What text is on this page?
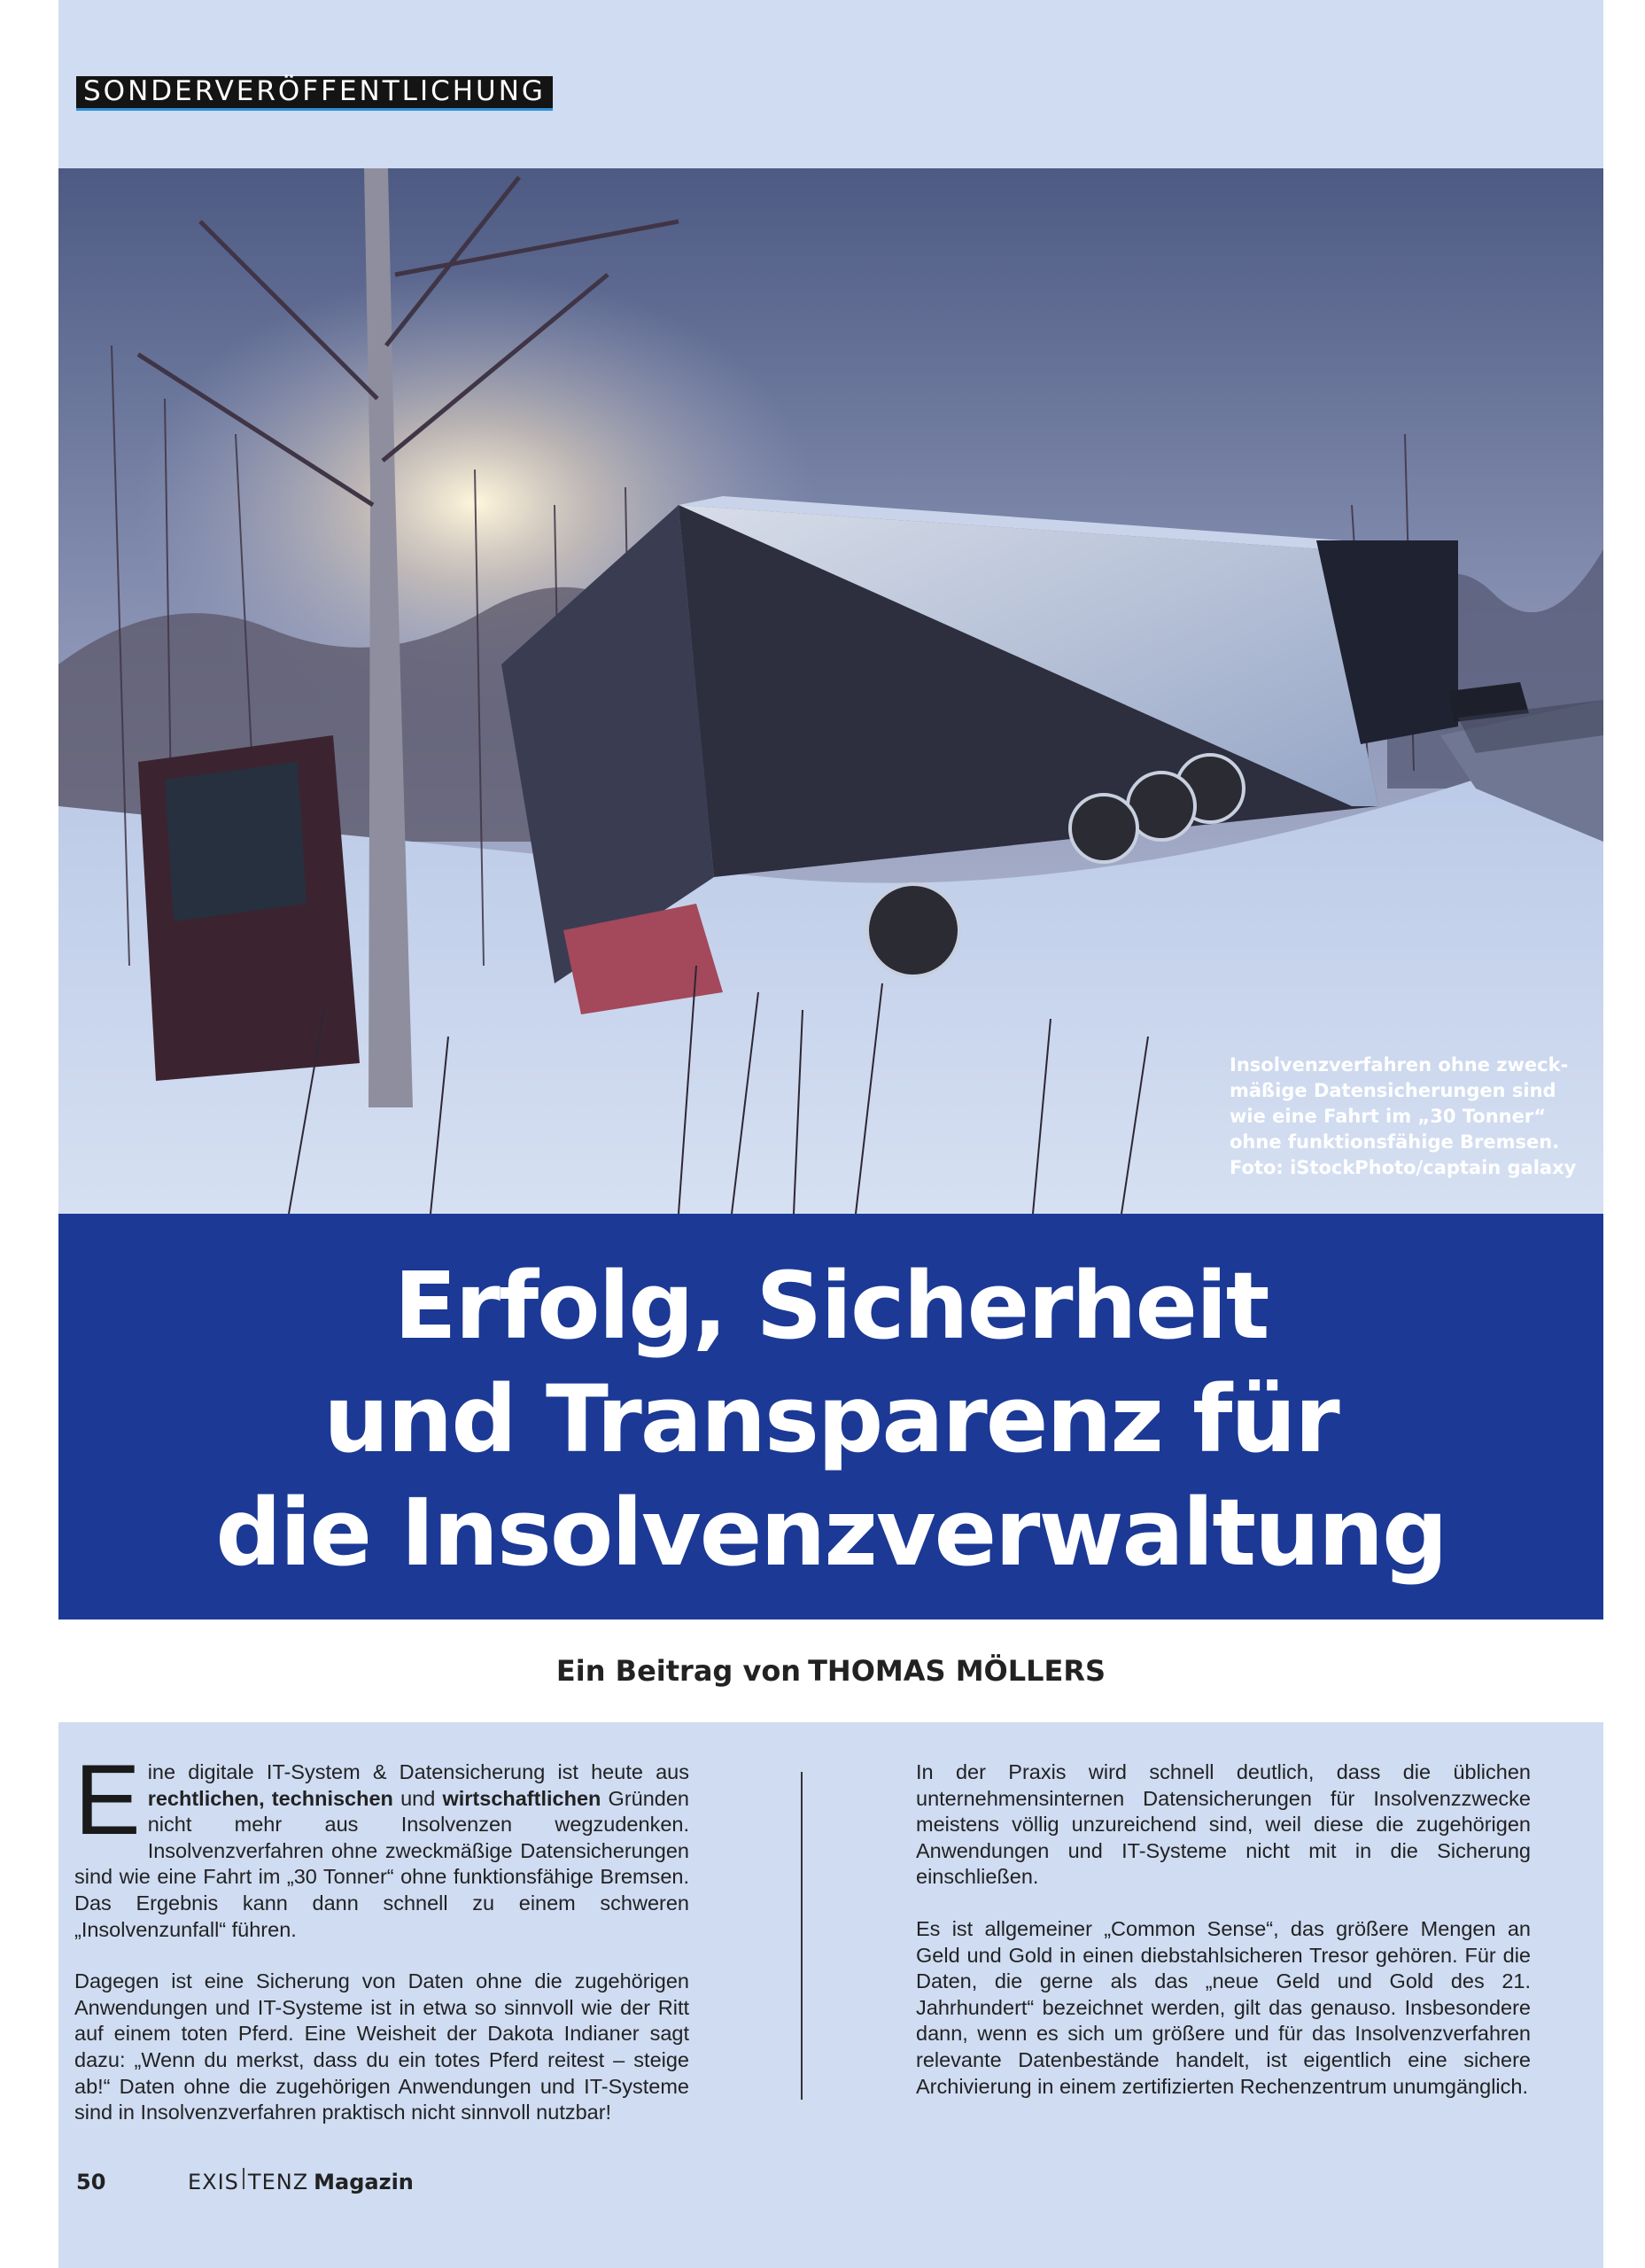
SONDERVERÖFFENTLICHUNG
Insolvenzverfahren ohne zweck-
mäßige Datensicherungen sind
wie eine Fahrt im „30 Tonner“
ohne funktionsfähige Bremsen.
Foto: iStockPhoto/captain galaxy
Erfolg, Sicherheit
und Transparenz für
die Insolvenzverwaltung
Ein Beitrag von THOMAS MÖLLERS

Eine digitale IT-System & Datensicherung ist heute aus rechtlichen, technischen und wirtschaftlichen Gründen nicht mehr aus Insolvenzen wegzudenken. Insolvenzverfahren ohne zweckmäßige Datensicherungen sind wie eine Fahrt im „30 Tonner“ ohne funktionsfähige Bremsen. Das Ergebnis kann dann schnell zu einem schweren „Insolvenzunfall“ führen.

Dagegen ist eine Sicherung von Daten ohne die zugehörigen Anwendungen und IT-Systeme ist in etwa so sinnvoll wie der Ritt auf einem toten Pferd. Eine Weisheit der Dakota Indianer sagt dazu: „Wenn du merkst, dass du ein totes Pferd reitest – steige ab!“ Daten ohne die zugehörigen Anwendungen und IT-Systeme sind in Insolvenzverfahren praktisch nicht sinnvoll nutzbar!

In der Praxis wird schnell deutlich, dass die üblichen unternehmensinternen Datensicherungen für Insolvenzzwecke meistens völlig unzureichend sind, weil diese die zugehörigen Anwendungen und IT-Systeme nicht mit in die Sicherung einschließen.

Es ist allgemeiner „Common Sense“, das größere Mengen an Geld und Gold in einen diebstahlsicheren Tresor gehören. Für die Daten, die gerne als das „neue Geld und Gold des 21. Jahrhundert“ bezeichnet werden, gilt das genauso. Insbesondere dann, wenn es sich um größere und für das Insolvenzverfahren relevante Datenbestände handelt, ist eigentlich eine sichere Archivierung in einem zertifizierten Rechenzentrum unumgänglich.

50	EXIS TENZ Magazin
